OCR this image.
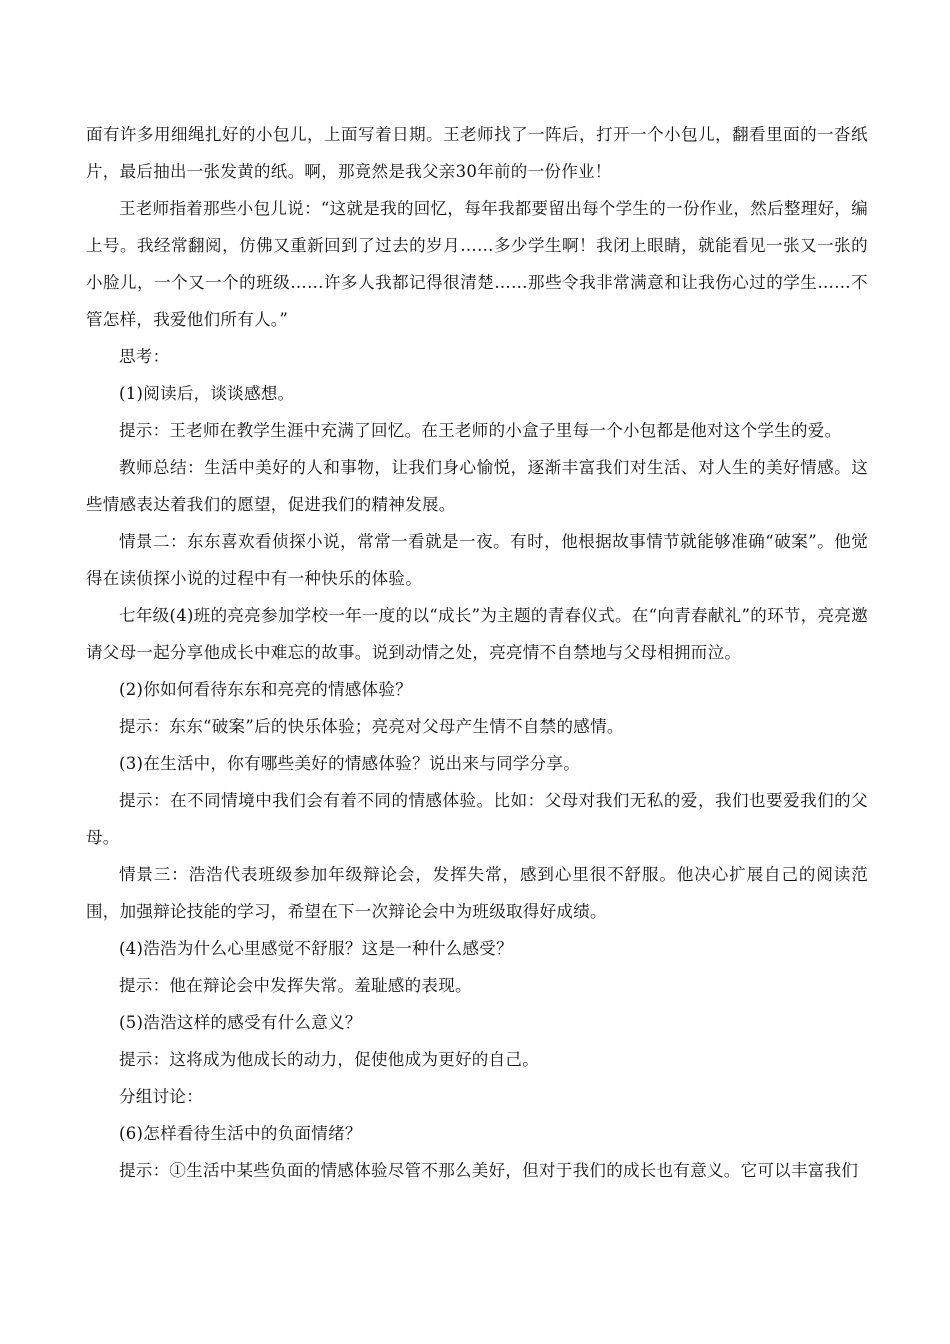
面有许多用细绳扎好的小包儿，上面写着日期。王老师找了一阵后，打开一个小包儿，翻看里面的一沓纸片，最后抽出一张发黄的纸。啊，那竟然是我父亲30年前的一份作业！

王老师指着那些小包儿说：“这就是我的回忆，每年我都要留出每个学生的一份作业，然后整理好，编上号。我经常翻阅，仿佛又重新回到了过去的岁月……多少学生啊！我闭上眼睛，就能看见一张又一张的小脸儿，一个又一个的班级……许多人我都记得很清楚……那些令我非常满意和让我伤心过的学生……不管怎样，我爱他们所有人。”

思考：

(1)阅读后，谈谈感想。

提示：王老师在教学生涯中充满了回忆。在王老师的小盒子里每一个小包都是他对这个学生的爱。

教师总结：生活中美好的人和事物，让我们身心愉悦，逐渐丰富我们对生活、对人生的美好情感。这些情感表达着我们的愿望，促进我们的精神发展。

情景二：东东喜欢看侦探小说，常常一看就是一夜。有时，他根据故事情节就能够准确“破案”。他觉得在读侦探小说的过程中有一种快乐的体验。

七年级(4)班的亮亮参加学校一年一度的以“成长”为主题的青春仪式。在“向青春献礼”的环节，亮亮邀请父母一起分享他成长中难忘的故事。说到动情之处，亮亮情不自禁地与父母相拥而泣。

(2)你如何看待东东和亮亮的情感体验？

提示：东东“破案”后的快乐体验；亮亮对父母产生情不自禁的感情。

(3)在生活中，你有哪些美好的情感体验？说出来与同学分享。

提示：在不同情境中我们会有着不同的情感体验。比如：父母对我们无私的爱，我们也要爱我们的父母。

情景三：浩浩代表班级参加年级辩论会，发挥失常，感到心里很不舒服。他决心扩展自己的阅读范围，加强辩论技能的学习，希望在下一次辩论会中为班级取得好成绩。

(4)浩浩为什么心里感觉不舒服？这是一种什么感受？

提示：他在辩论会中发挥失常。羞耻感的表现。

(5)浩浩这样的感受有什么意义？

提示：这将成为他成长的动力，促使他成为更好的自己。

分组讨论：

(6)怎样看待生活中的负面情绪？

提示：①生活中某些负面的情感体验尽管不那么美好，但对于我们的成长也有意义。它可以丰富我们
